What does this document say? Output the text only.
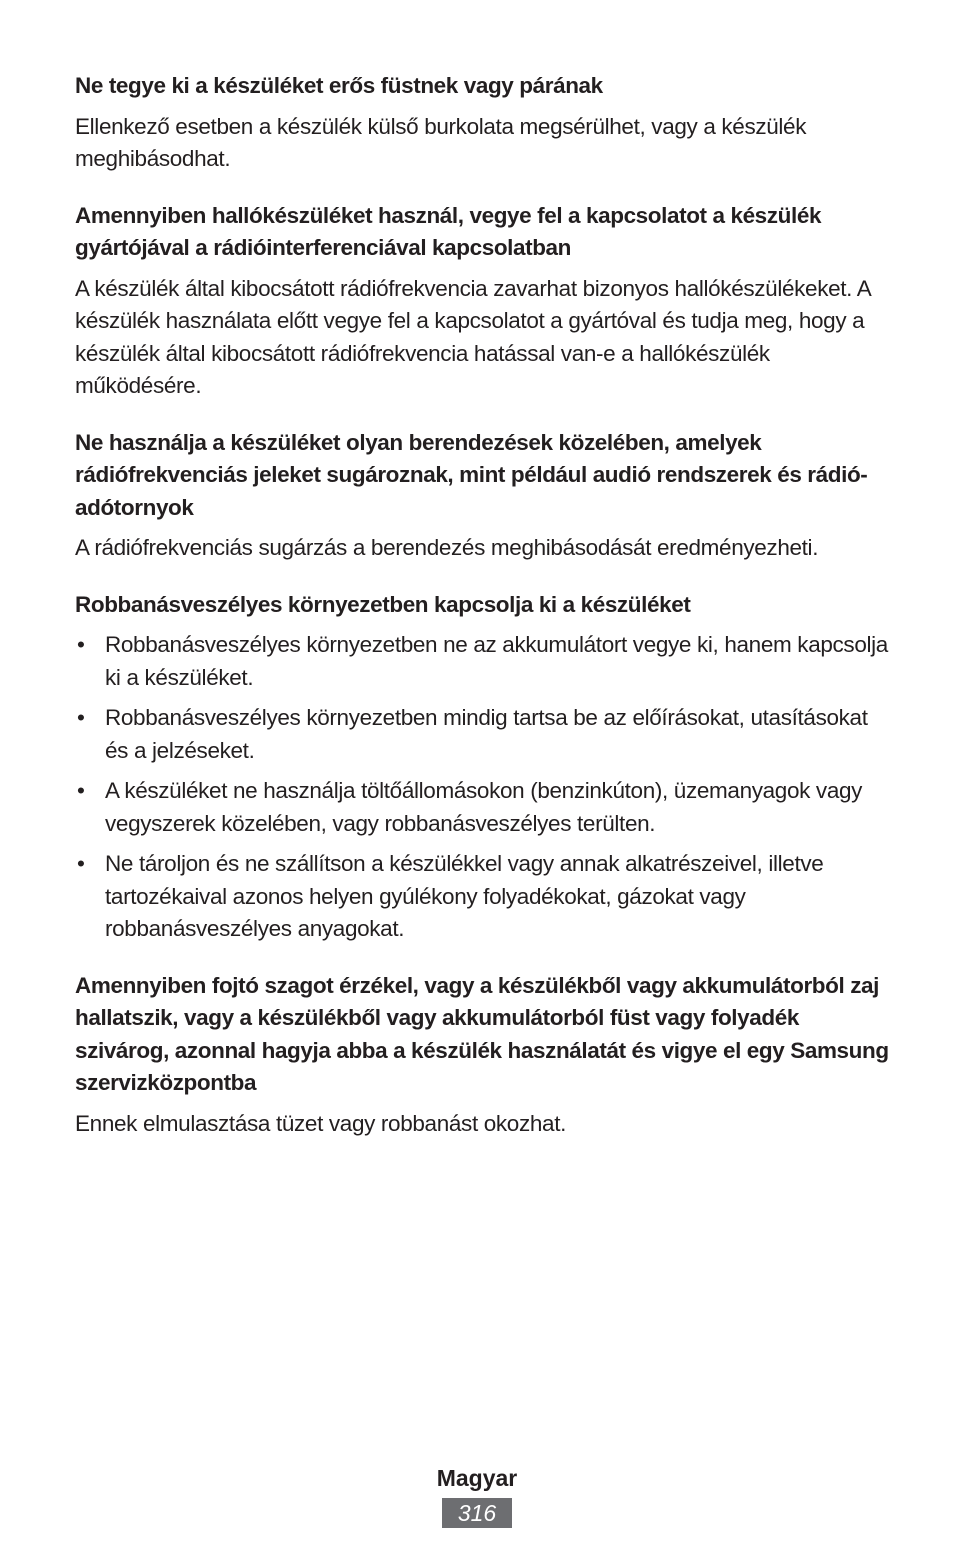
Ne tegye ki a készüléket erős füstnek vagy párának

Ellenkező esetben a készülék külső burkolata megsérülhet, vagy a készülék meghibásodhat.

Amennyiben hallókészüléket használ, vegye fel a kapcsolatot a készülék gyártójával a rádióinterferenciával kapcsolatban

A készülék által kibocsátott rádiófrekvencia zavarhat bizonyos hallókészülékeket. A készülék használata előtt vegye fel a kapcsolatot a gyártóval és tudja meg, hogy a készülék által kibocsátott rádiófrekvencia hatással van-e a hallókészülék működésére.

Ne használja a készüléket olyan berendezések közelében, amelyek rádiófrekvenciás jeleket sugároznak, mint például audió rendszerek és rádió-adótornyok

A rádiófrekvenciás sugárzás a berendezés meghibásodását eredményezheti.

Robbanásveszélyes környezetben kapcsolja ki a készüléket

• Robbanásveszélyes környezetben ne az akkumulátort vegye ki, hanem kapcsolja ki a készüléket.
• Robbanásveszélyes környezetben mindig tartsa be az előírásokat, utasításokat és a jelzéseket.
• A készüléket ne használja töltőállomásokon (benzinkúton), üzemanyagok vagy vegyszerek közelében, vagy robbanásveszélyes terülten.
• Ne tároljon és ne szállítson a készülékkel vagy annak alkatrészeivel, illetve tartozékaival azonos helyen gyúlékony folyadékokat, gázokat vagy robbanásveszélyes anyagokat.

Amennyiben fojtó szagot érzékel, vagy a készülékből vagy akkumulátorból zaj hallatszik, vagy a készülékből vagy akkumulátorból füst vagy folyadék szivárog, azonnal hagyja abba a készülék használatát és vigye el egy Samsung szervizközpontba

Ennek elmulasztása tüzet vagy robbanást okozhat.

Magyar
316
